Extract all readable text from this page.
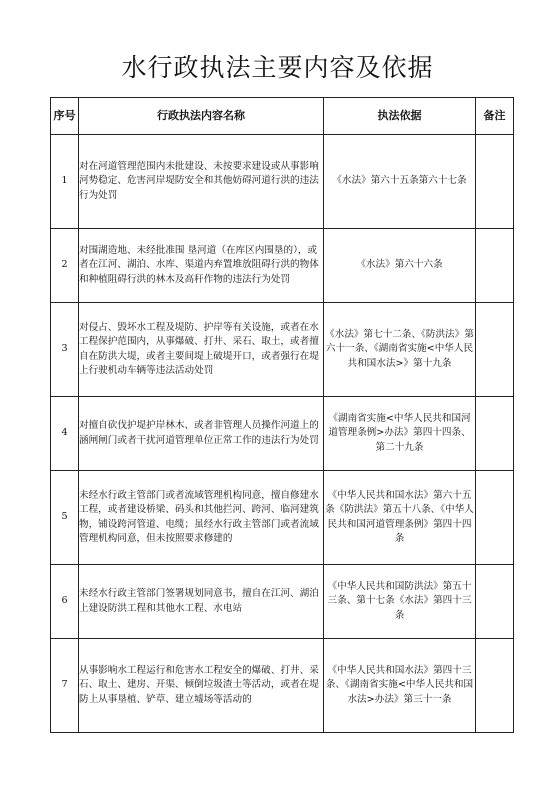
水行政执法主要内容及依据
序号	行政执法内容名称	执法依据	备注
1	对在河道管理范围内未批建设、未按要求建设或从事影响河势稳定、危害河岸堤防安全和其他妨碍河道行洪的违法行为处罚	《水法》第六十五条第六十七条	
2	对围湖造地、未经批准围 垦河道（在库区内围垦的），或者在江河、湖泊、水库、渠道内弃置堆放阻碍行洪的物体和种植阻碍行洪的林木及高秆作物的违法行为处罚	《水法》第六十六条	
3	对侵占、毁坏水工程及堤防、护岸等有关设施，或者在水工程保护范围内，从事爆破、打井、采石、取土，或者擅自在防洪大堤，或者主要间堤上破堤开口，或者强行在堤上行驶机动车辆等违法活动处罚	《水法》第七十二条、《防洪法》第六十一条、《湖南省实施<中华人民共和国水法>》第十九条	
4	对擅自砍伐护堤护岸林木、或者非管理人员操作河道上的涵闸闸门或者干扰河道管理单位正常工作的违法行为处罚	《湖南省实施<中华人民共和国河道管理条例>办法》第四十四条、第二十九条	
5	未经水行政主管部门或者流域管理机构同意，擅自修建水工程，或者建设桥梁、码头和其他拦河、跨河、临河建筑物，铺设跨河管道、电缆；虽经水行政主管部门或者流域管理机构同意，但未按照要求修建的	《中华人民共和国水法》第六十五条《防洪法》第五十八条、《中华人民共和国河道管理条例》第四十四条	
6	未经水行政主管部门签署规划同意书，擅自在江河、湖泊上建设防洪工程和其他水工程、水电站	《中华人民共和国防洪法》第五十三条、第十七条《水法》第四十三条	
7	从事影响水工程运行和危害水工程安全的爆破、打井、采石、取土、建房、开渠、倾倒垃圾渣土等活动，或者在堤防上从事垦植、铲草、建立墟场等活动的	《中华人民共和国水法》第四十三条、《湖南省实施<中华人民共和国水法>办法》第三十一条	
